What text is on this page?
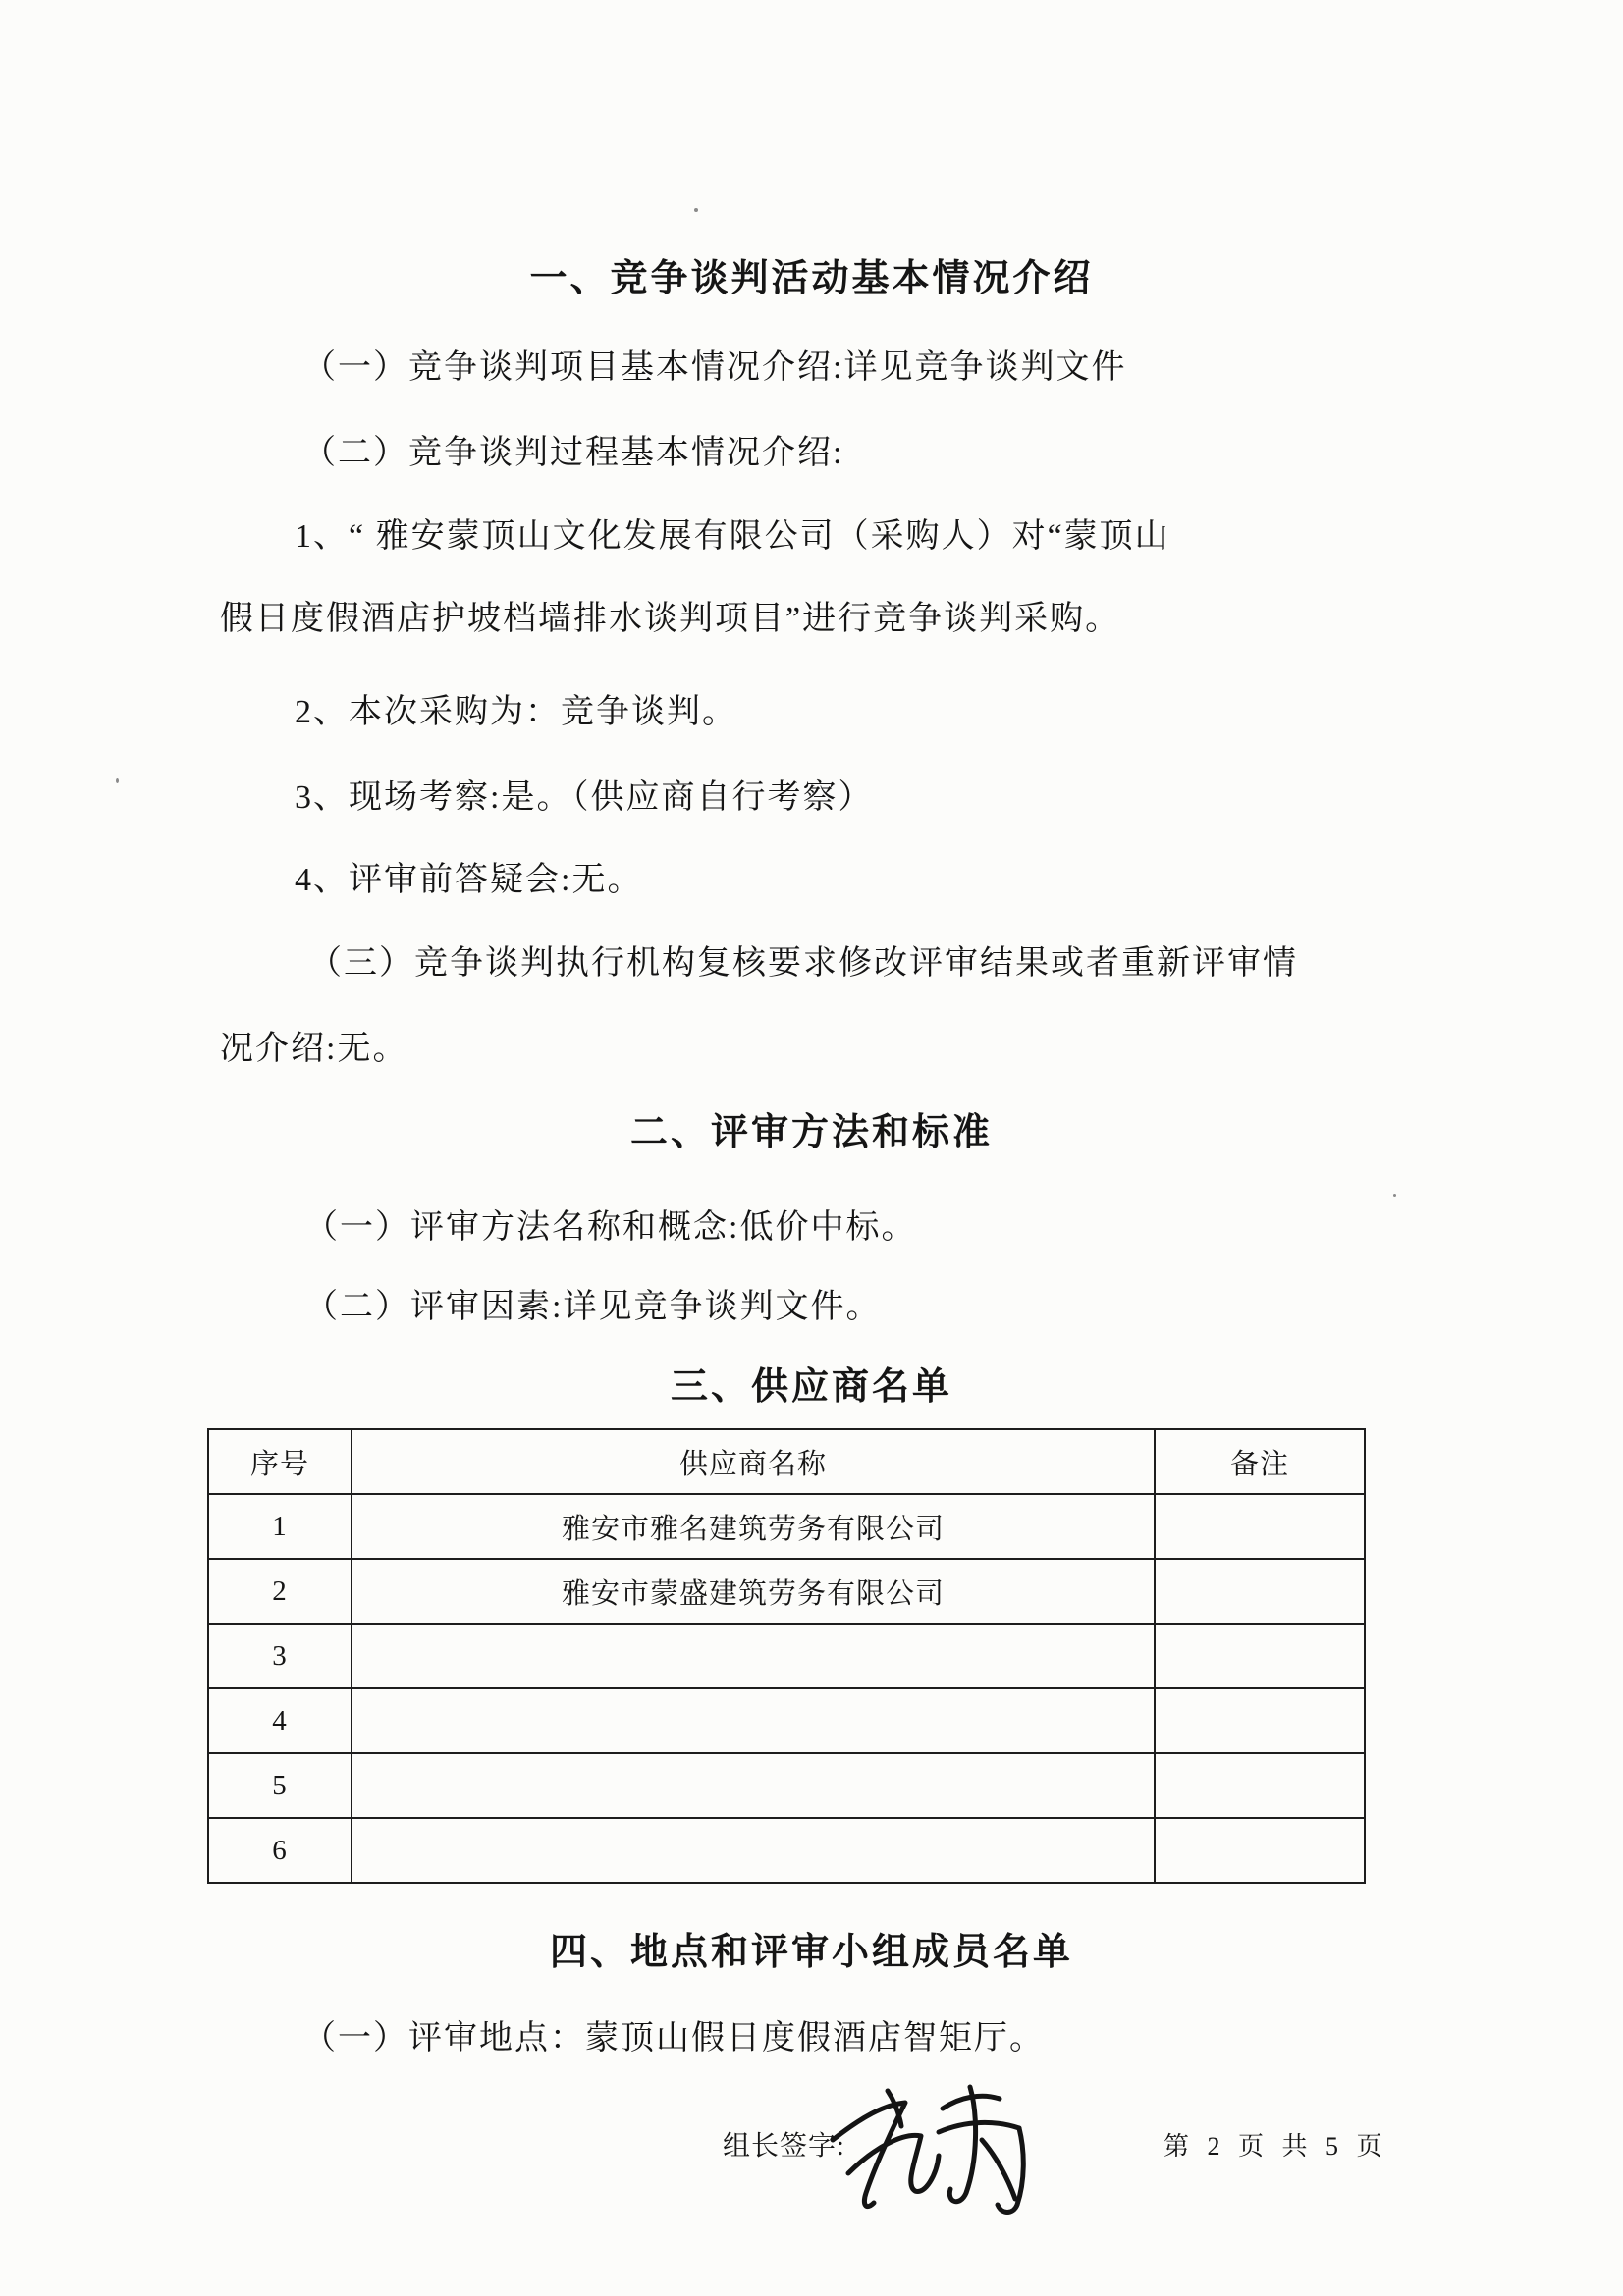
一、竞争谈判活动基本情况介绍
（一）竞争谈判项目基本情况介绍:详见竞争谈判文件
（二）竞争谈判过程基本情况介绍:
1、“ 雅安蒙顶山文化发展有限公司（采购人）对“蒙顶山
假日度假酒店护坡档墙排水谈判项目”进行竞争谈判采购。
2、本次采购为：竞争谈判。
3、现场考察:是。（供应商自行考察）
4、评审前答疑会:无。
（三）竞争谈判执行机构复核要求修改评审结果或者重新评审情
况介绍:无。
二、评审方法和标准
（一）评审方法名称和概念:低价中标。
（二）评审因素:详见竞争谈判文件。
三、供应商名单
序号	供应商名称	备注
1	雅安市雅名建筑劳务有限公司	
2	雅安市蒙盛建筑劳务有限公司	
3		
4		
5		
6		
四、地点和评审小组成员名单
（一）评审地点：蒙顶山假日度假酒店智矩厅。
组长签字:	第 2 页 共 5 页
